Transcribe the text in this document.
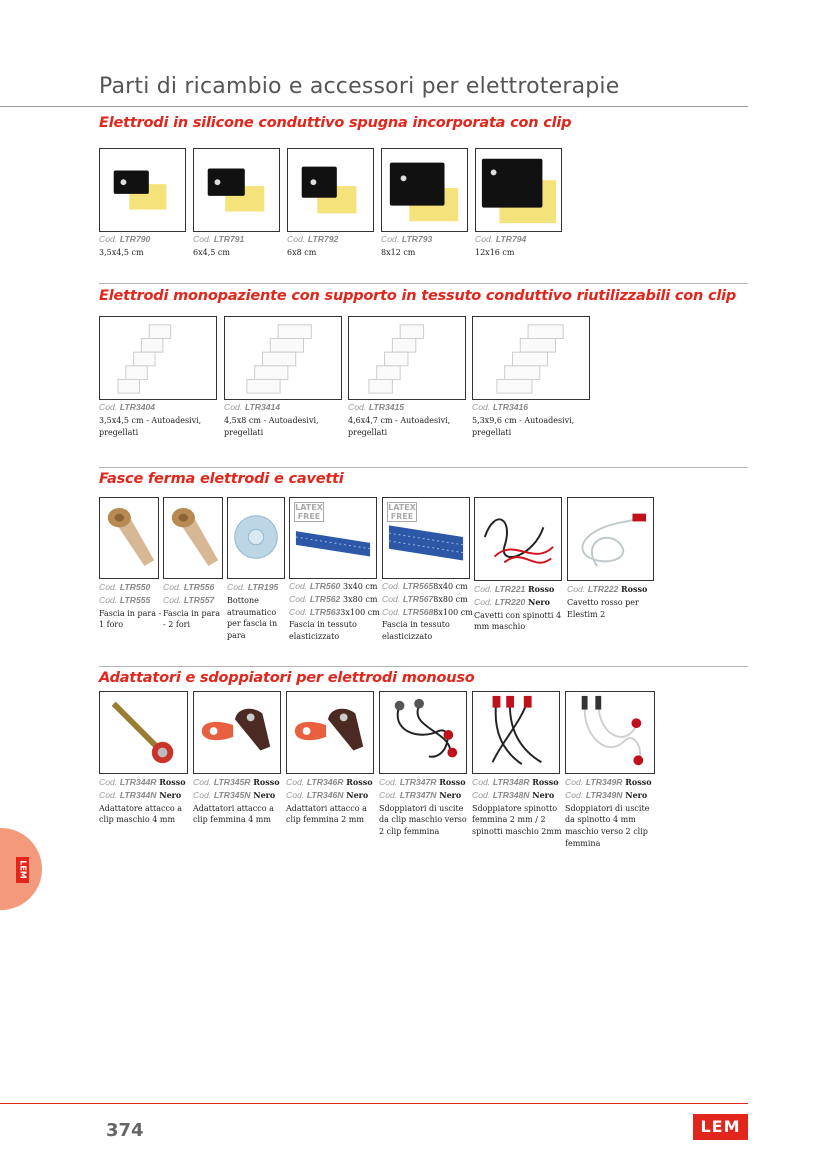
Parti di ricambio e accessori per elettroterapie
Elettrodi in silicone conduttivo spugna incorporata con clip
Cod. LTR790
3,5x4,5 cm
Cod. LTR791
6x4,5 cm
Cod. LTR792
6x8 cm
Cod. LTR793
8x12 cm
Cod. LTR794
12x16 cm
Elettrodi monopaziente con supporto in tessuto conduttivo riutilizzabili con clip
Cod. LTR3404
3,5x4,5 cm - Autoadesivi, pregellati
Cod. LTR3414
4,5x8 cm - Autoadesivi, pregellati
Cod. LTR3415
4,6x4,7 cm - Autoadesivi, pregellati
Cod. LTR3416
5,3x9,6 cm - Autoadesivi, pregellati
Fasce ferma elettrodi e cavetti
Cod. LTR550
Cod. LTR555
Fascia in para - 1 foro
Cod. LTR556
Cod. LTR557
Fascia in para - 2 fori
Cod. LTR195
Bottone atraumatico per fascia in para
LATEX FREE
Cod. LTR560 3x40 cm
Cod. LTR562 3x80 cm
Cod. LTR5633x100 cm
Fascia in tessuto elasticizzato
LATEX FREE
Cod. LTR5658x40 cm
Cod. LTR5678x80 cm
Cod. LTR5688x100 cm
Fascia in tessuto elasticizzato
Cod. LTR221 Rosso
Cod. LTR220 Nero
Cavetti con spinotti 4 mm maschio
Cod. LTR222 Rosso
Cavetto rosso per Elestim 2
Adattatori e sdoppiatori per elettrodi monouso
Cod. LTR344R Rosso
Cod. LTR344N Nero
Adattatore attacco a clip maschio 4 mm
Cod. LTR345R Rosso
Cod. LTR345N Nero
Adattatori attacco a clip femmina 4 mm
Cod. LTR346R Rosso
Cod. LTR346N Nero
Adattatori attacco a clip femmina 2 mm
Cod. LTR347R Rosso
Cod. LTR347N Nero
Sdoppiatori di uscite da clip maschio verso 2 clip femmina
Cod. LTR348R Rosso
Cod. LTR348N Nero
Sdoppiatore spinotto femmina 2 mm / 2 spinotti maschio 2mm
Cod. LTR349R Rosso
Cod. LTR349N Nero
Sdoppiatori di uscite da spinotto 4 mm maschio verso 2 clip femmina
LEM
374	LEM
